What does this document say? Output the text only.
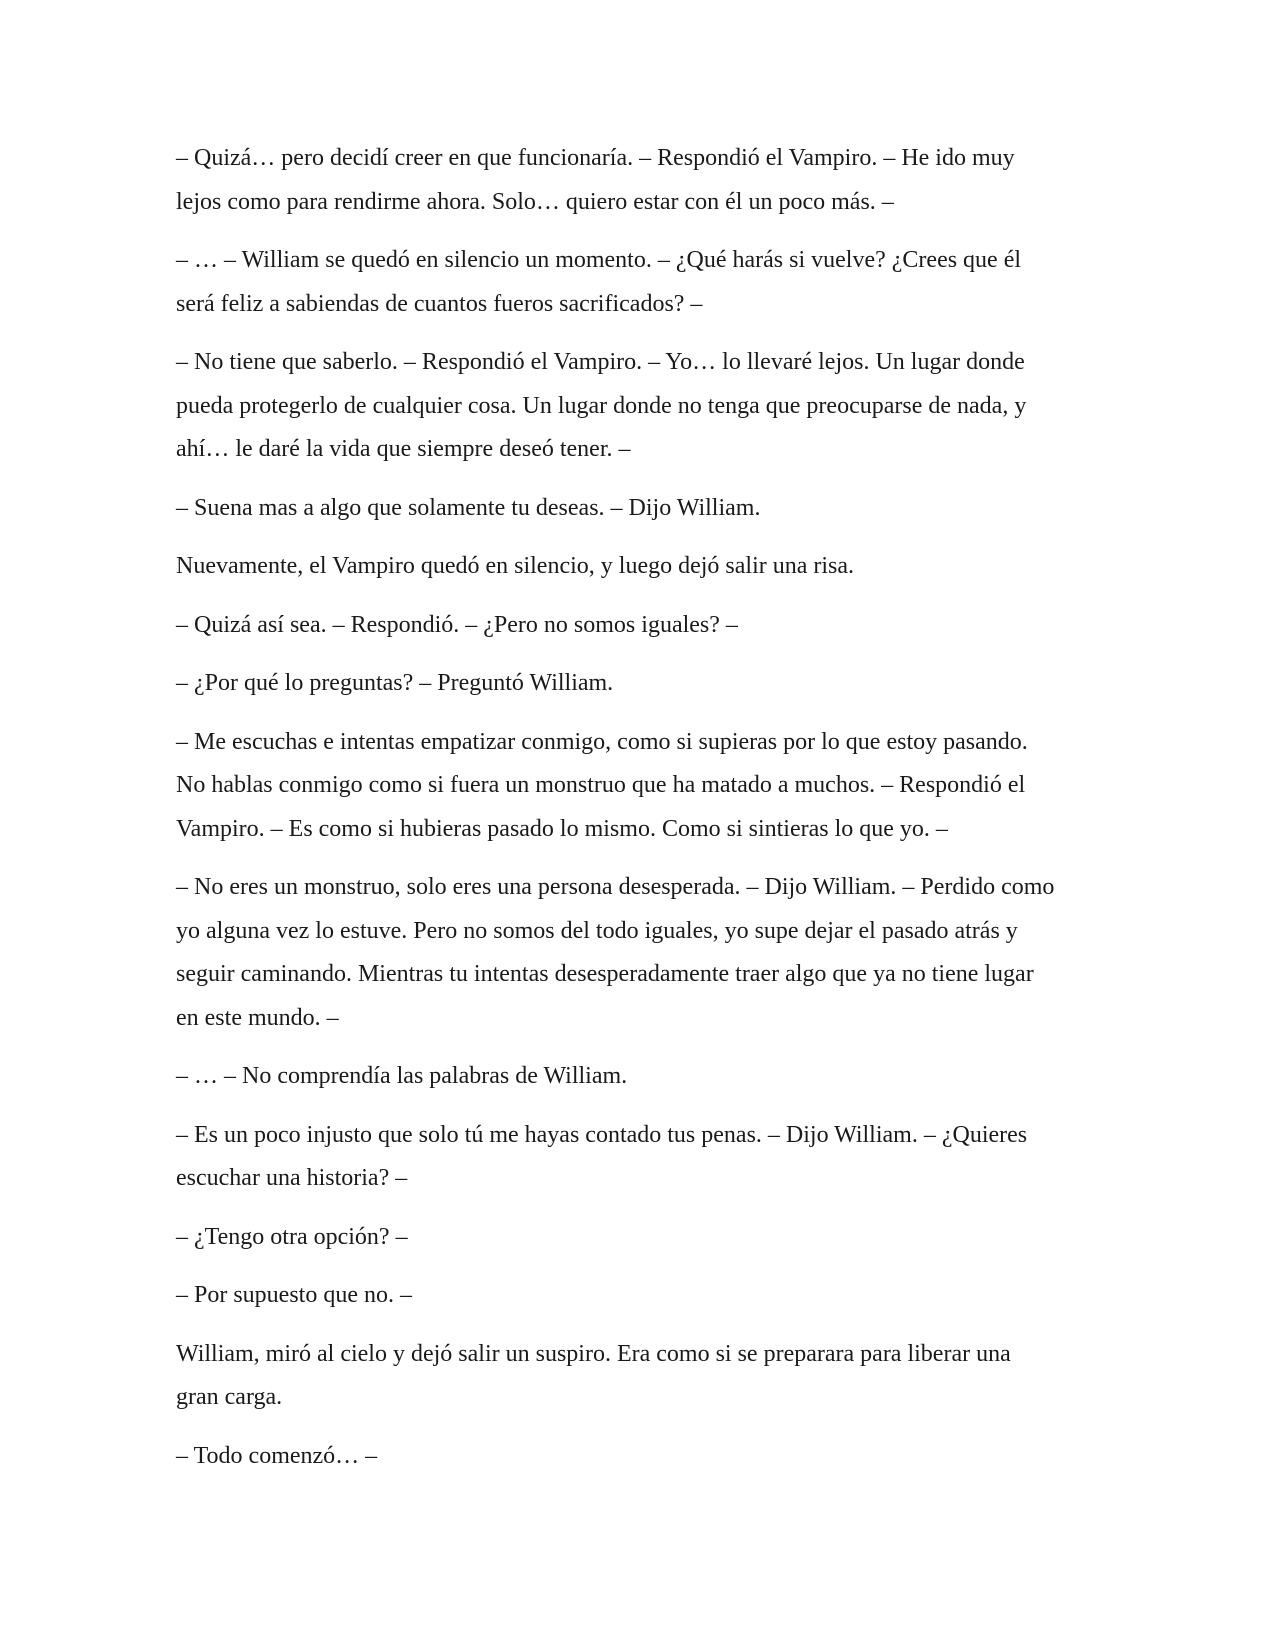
– Quizá… pero decidí creer en que funcionaría. – Respondió el Vampiro. – He ido muy
lejos como para rendirme ahora. Solo… quiero estar con él un poco más. –

– … – William se quedó en silencio un momento. – ¿Qué harás si vuelve? ¿Crees que él
será feliz a sabiendas de cuantos fueros sacrificados? –

– No tiene que saberlo. – Respondió el Vampiro. – Yo… lo llevaré lejos. Un lugar donde
pueda protegerlo de cualquier cosa. Un lugar donde no tenga que preocuparse de nada, y
ahí… le daré la vida que siempre deseó tener. –

– Suena mas a algo que solamente tu deseas. – Dijo William.

Nuevamente, el Vampiro quedó en silencio, y luego dejó salir una risa.

– Quizá así sea. – Respondió. – ¿Pero no somos iguales? –

– ¿Por qué lo preguntas? – Preguntó William.

– Me escuchas e intentas empatizar conmigo, como si supieras por lo que estoy pasando.
No hablas conmigo como si fuera un monstruo que ha matado a muchos. – Respondió el
Vampiro. – Es como si hubieras pasado lo mismo. Como si sintieras lo que yo. –

– No eres un monstruo, solo eres una persona desesperada. – Dijo William. – Perdido como
yo alguna vez lo estuve. Pero no somos del todo iguales, yo supe dejar el pasado atrás y
seguir caminando. Mientras tu intentas desesperadamente traer algo que ya no tiene lugar
en este mundo. –

– … – No comprendía las palabras de William.

– Es un poco injusto que solo tú me hayas contado tus penas. – Dijo William. – ¿Quieres
escuchar una historia? –

– ¿Tengo otra opción? –

– Por supuesto que no. –

William, miró al cielo y dejó salir un suspiro. Era como si se preparara para liberar una
gran carga.

– Todo comenzó… –
